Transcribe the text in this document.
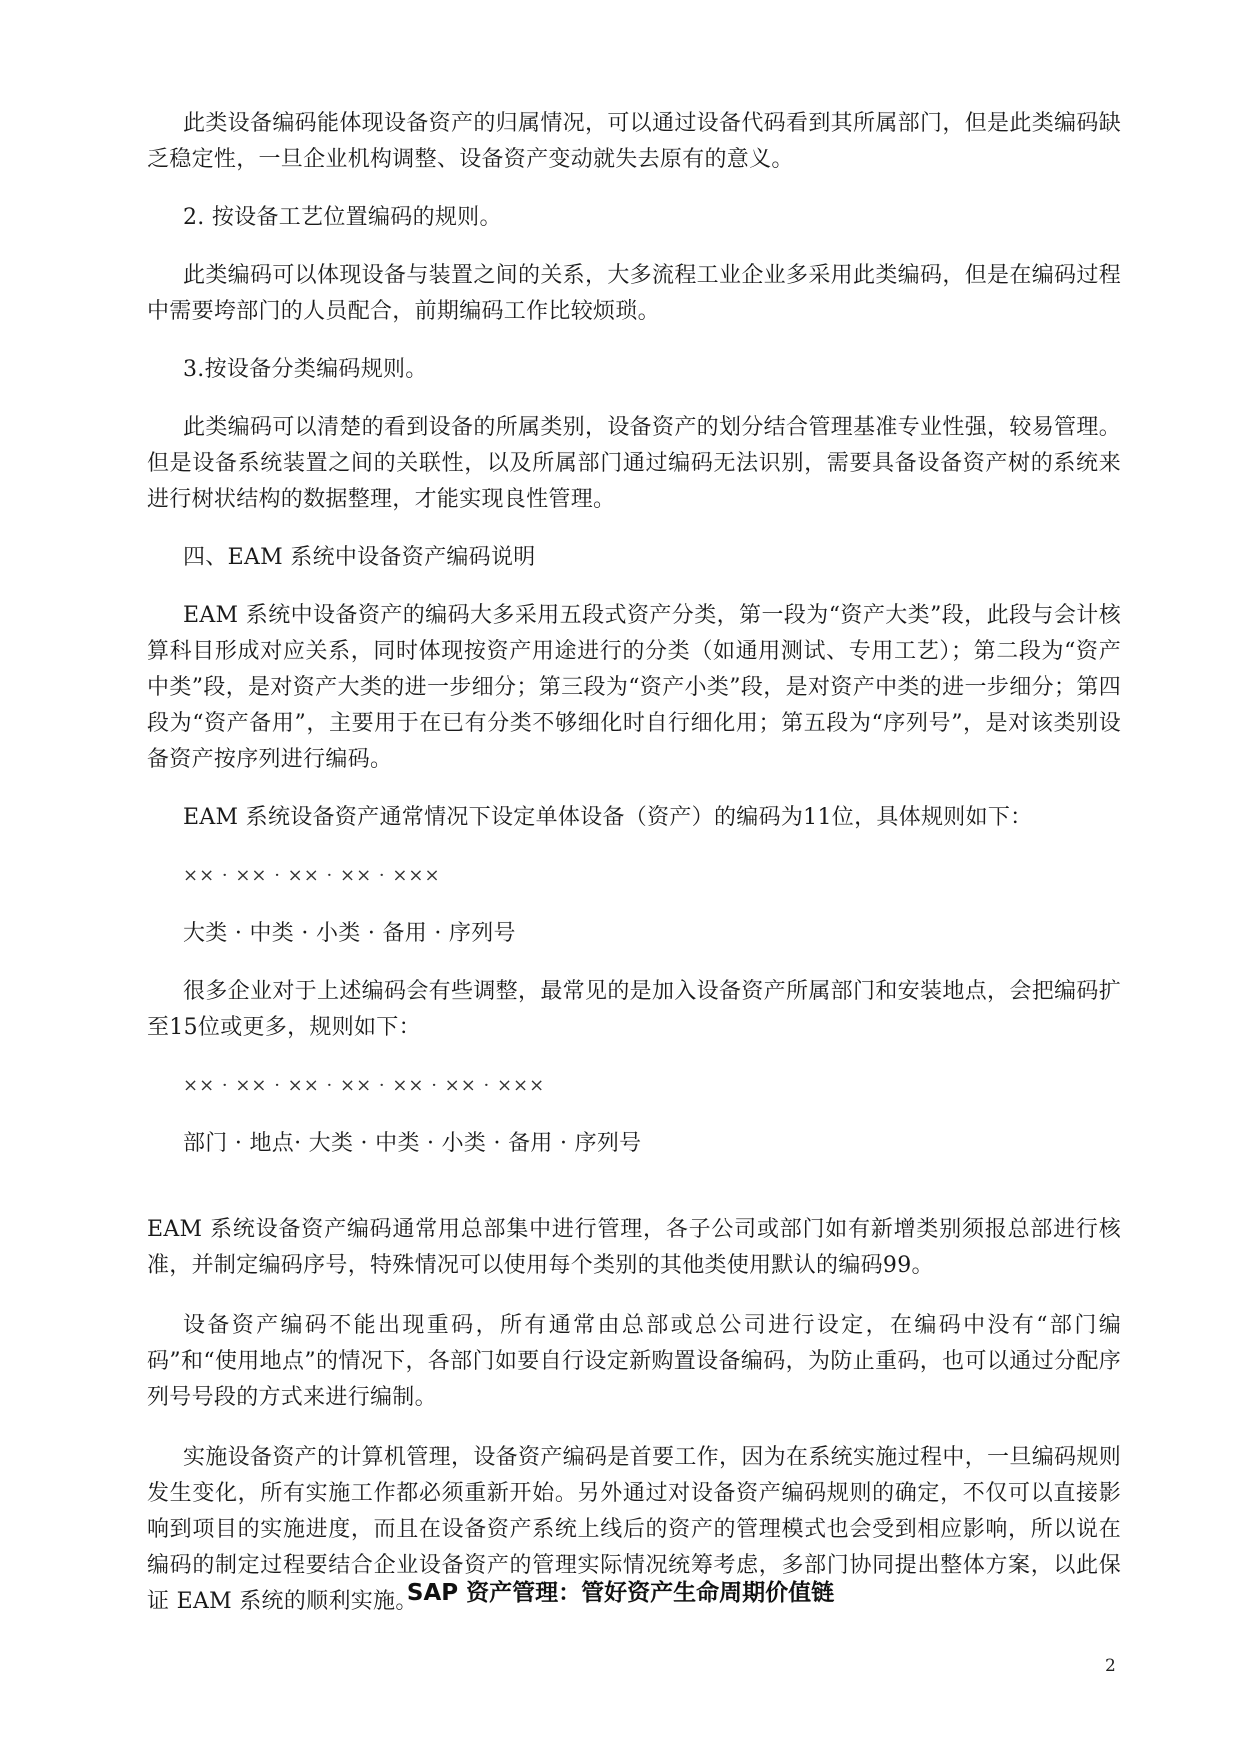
此类设备编码能体现设备资产的归属情况，可以通过设备代码看到其所属部门，但是此类编码缺乏稳定性，一旦企业机构调整、设备资产变动就失去原有的意义。

2. 按设备工艺位置编码的规则。

此类编码可以体现设备与装置之间的关系，大多流程工业企业多采用此类编码，但是在编码过程中需要垮部门的人员配合，前期编码工作比较烦琐。

3.按设备分类编码规则。

此类编码可以清楚的看到设备的所属类别，设备资产的划分结合管理基准专业性强，较易管理。但是设备系统装置之间的关联性，以及所属部门通过编码无法识别，需要具备设备资产树的系统来进行树状结构的数据整理，才能实现良性管理。

四、EAM 系统中设备资产编码说明

EAM 系统中设备资产的编码大多采用五段式资产分类，第一段为“资产大类”段，此段与会计核算科目形成对应关系，同时体现按资产用途进行的分类（如通用测试、专用工艺）；第二段为“资产中类”段，是对资产大类的进一步细分；第三段为“资产小类”段，是对资产中类的进一步细分；第四段为“资产备用”，主要用于在已有分类不够细化时自行细化用；第五段为“序列号”，是对该类别设备资产按序列进行编码。

EAM 系统设备资产通常情况下设定单体设备（资产）的编码为11位，具体规则如下：

×× · ×× · ×× · ×× · ×××

大类 · 中类 · 小类 · 备用 · 序列号

很多企业对于上述编码会有些调整，最常见的是加入设备资产所属部门和安装地点，会把编码扩至15位或更多，规则如下：

×× · ×× · ×× · ×× · ×× · ×× · ×××

部门 · 地点· 大类 · 中类 · 小类 · 备用 · 序列号

EAM 系统设备资产编码通常用总部集中进行管理，各子公司或部门如有新增类别须报总部进行核准，并制定编码序号，特殊情况可以使用每个类别的其他类使用默认的编码99。

设备资产编码不能出现重码，所有通常由总部或总公司进行设定，在编码中没有“部门编码”和“使用地点”的情况下，各部门如要自行设定新购置设备编码，为防止重码，也可以通过分配序列号号段的方式来进行编制。

实施设备资产的计算机管理，设备资产编码是首要工作，因为在系统实施过程中，一旦编码规则发生变化，所有实施工作都必须重新开始。另外通过对设备资产编码规则的确定，不仅可以直接影响到项目的实施进度，而且在设备资产系统上线后的资产的管理模式也会受到相应影响，所以说在编码的制定过程要结合企业设备资产的管理实际情况统筹考虑，多部门协同提出整体方案，以此保证 EAM 系统的顺利实施。

SAP 资产管理：管好资产生命周期价值链
2
